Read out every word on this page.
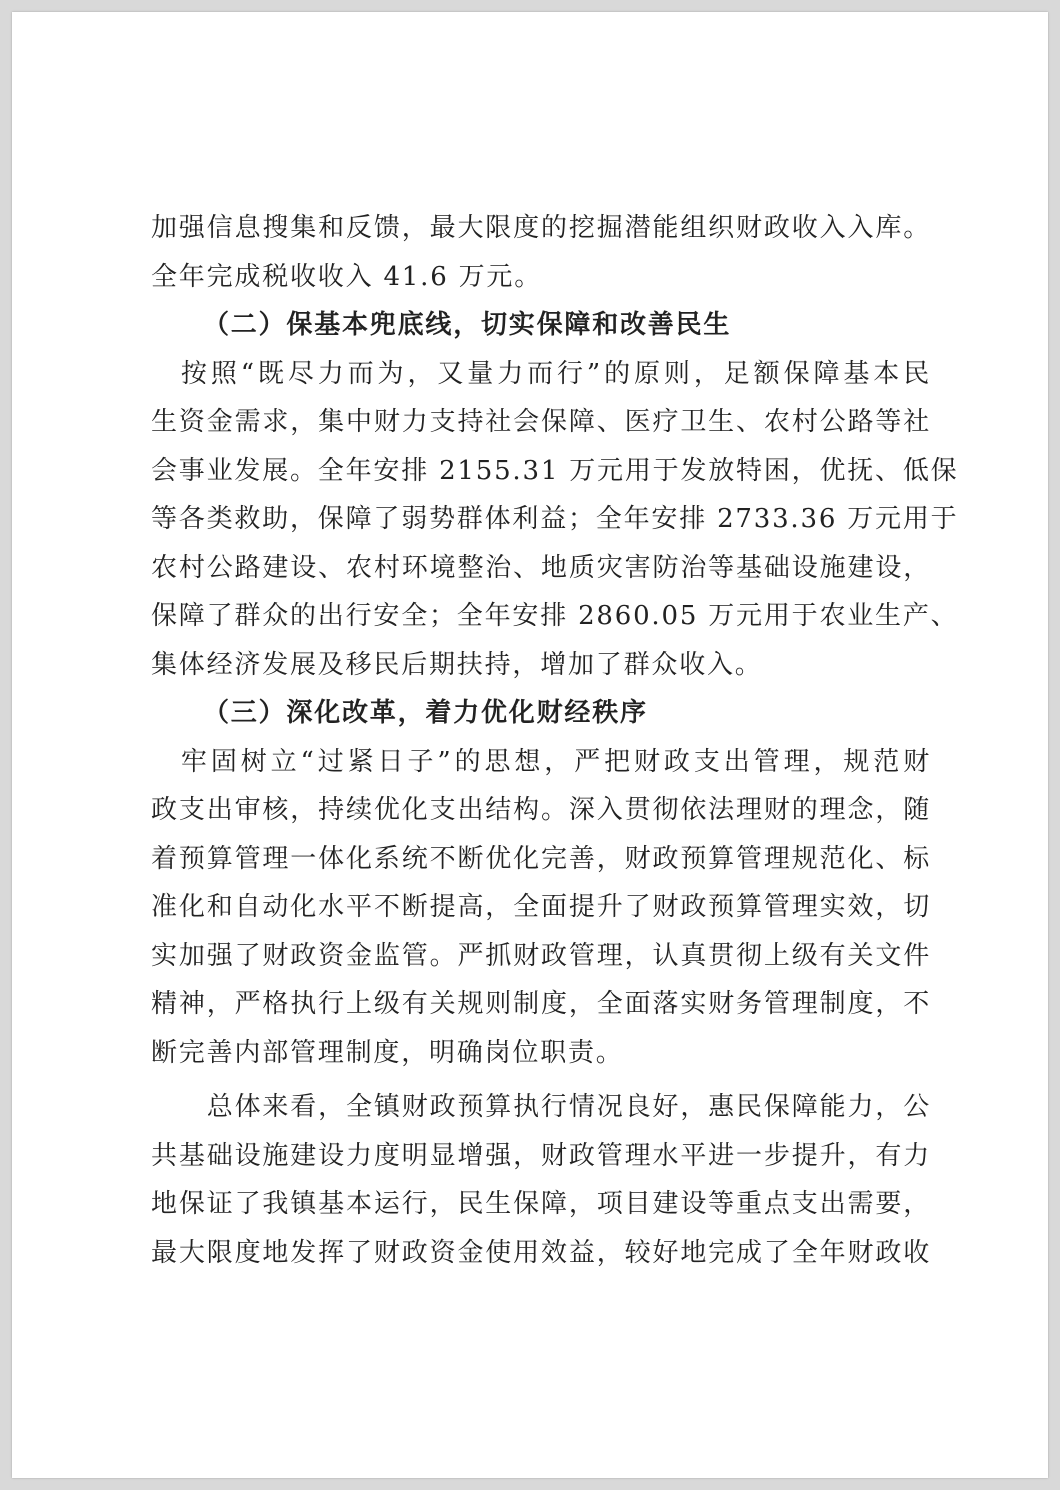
加强信息搜集和反馈，最大限度的挖掘潜能组织财政收入入库。
全年完成税收收入 41.6 万元。
（二）保基本兜底线，切实保障和改善民生
　按照“既尽力而为，又量力而行”的原则，足额保障基本民
生资金需求，集中财力支持社会保障、医疗卫生、农村公路等社
会事业发展。全年安排 2155.31 万元用于发放特困，优抚、低保
等各类救助，保障了弱势群体利益；全年安排 2733.36 万元用于
农村公路建设、农村环境整治、地质灾害防治等基础设施建设，
保障了群众的出行安全；全年安排 2860.05 万元用于农业生产、
集体经济发展及移民后期扶持，增加了群众收入。
（三）深化改革，着力优化财经秩序
　牢固树立“过紧日子”的思想，严把财政支出管理，规范财
政支出审核，持续优化支出结构。深入贯彻依法理财的理念，随
着预算管理一体化系统不断优化完善，财政预算管理规范化、标
准化和自动化水平不断提高，全面提升了财政预算管理实效，切
实加强了财政资金监管。严抓财政管理，认真贯彻上级有关文件
精神，严格执行上级有关规则制度，全面落实财务管理制度，不
断完善内部管理制度，明确岗位职责。
　　总体来看，全镇财政预算执行情况良好，惠民保障能力，公
共基础设施建设力度明显增强，财政管理水平进一步提升，有力
地保证了我镇基本运行，民生保障，项目建设等重点支出需要，
最大限度地发挥了财政资金使用效益，较好地完成了全年财政收
